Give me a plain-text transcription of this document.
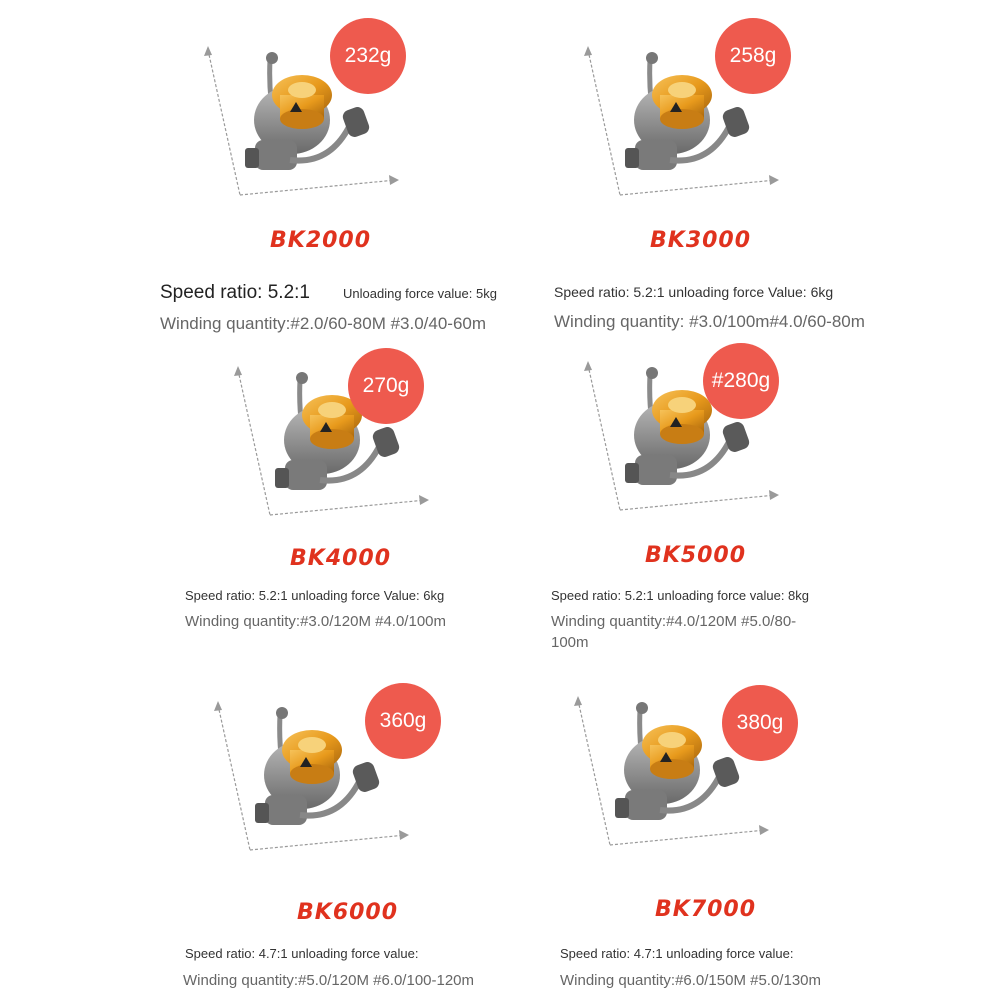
232g
BK2000
Speed ratio: 5.2:1	Unloading force value: 5kg
Winding quantity:#2.0/60-80M #3.0/40-60m
258g
BK3000
Speed ratio: 5.2:1 unloading force Value: 6kg
Winding quantity: #3.0/100m#4.0/60-80m
270g
BK4000
Speed ratio: 5.2:1 unloading force Value: 6kg
Winding quantity:#3.0/120M #4.0/100m
#280g
BK5000
Speed ratio: 5.2:1 unloading force value: 8kg
Winding quantity:#4.0/120M #5.0/80-
100m
360g
BK6000
Speed ratio: 4.7:1 unloading force value:
Winding quantity:#5.0/120M #6.0/100-120m
380g
BK7000
Speed ratio: 4.7:1 unloading force value:
Winding quantity:#6.0/150M #5.0/130m
